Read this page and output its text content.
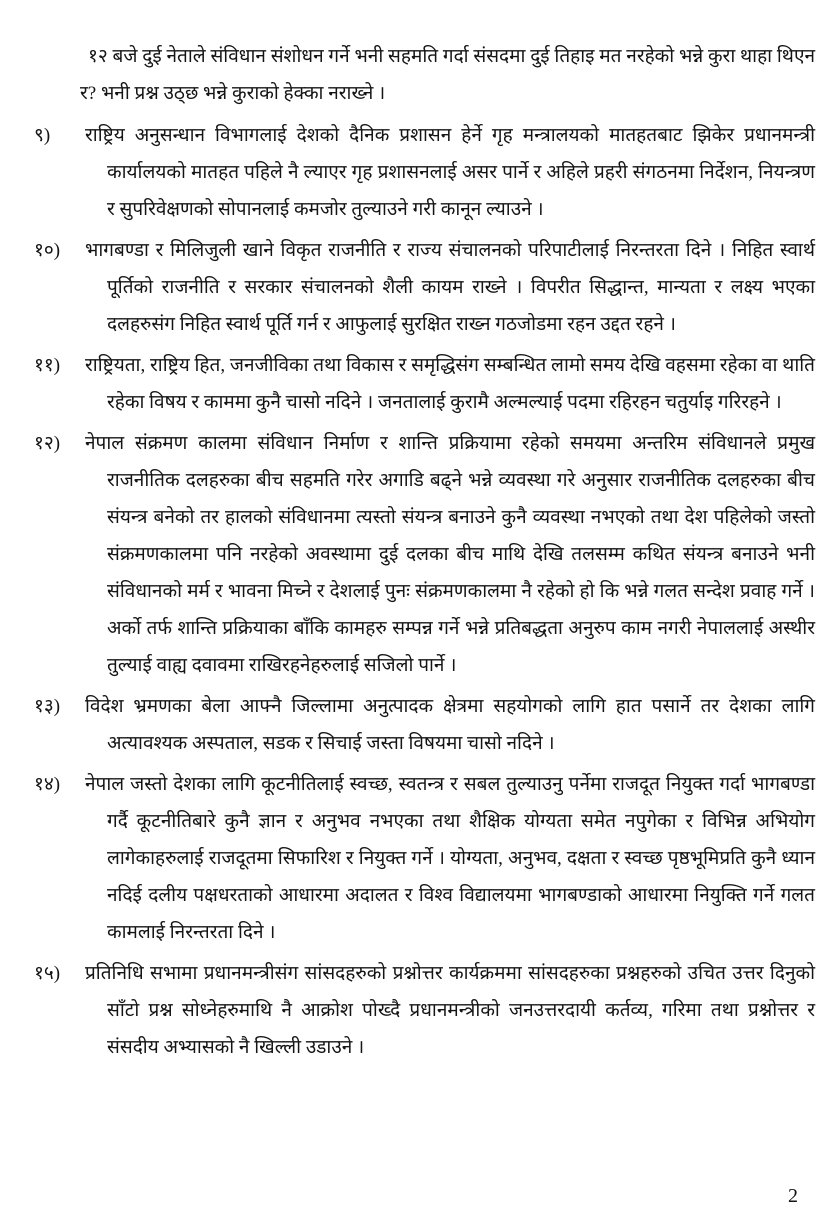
१२ बजे दुई नेताले संविधान संशोधन गर्ने भनी सहमति गर्दा संसदमा दुई तिहाइ मत नरहेको भन्ने कुरा थाहा थिएन र? भनी प्रश्न उठ्छ भन्ने कुराको हेक्का नराख्ने ।

९) राष्ट्रिय अनुसन्धान विभागलाई देशको दैनिक प्रशासन हेर्ने गृह मन्त्रालयको मातहतबाट झिकेर प्रधानमन्त्री कार्यालयको मातहत पहिले नै ल्याएर गृह प्रशासनलाई असर पार्ने र अहिले प्रहरी संगठनमा निर्देशन, नियन्त्रण र सुपरिवेक्षणको सोपानलाई कमजोर तुल्याउने गरी कानून ल्याउने ।

१०) भागबण्डा र मिलिजुली खाने विकृत राजनीति र राज्य संचालनको परिपाटीलाई निरन्तरता दिने । निहित स्वार्थ पूर्तिको राजनीति र सरकार संचालनको शैली कायम राख्ने । विपरीत सिद्धान्त, मान्यता र लक्ष्य भएका दलहरुसंग निहित स्वार्थ पूर्ति गर्न र आफुलाई सुरक्षित राख्न गठजोडमा रहन उद्दत रहने ।

११) राष्ट्रियता, राष्ट्रिय हित, जनजीविका तथा विकास र समृद्धिसंग सम्बन्धित लामो समय देखि वहसमा रहेका वा थाति रहेका विषय र काममा कुनै चासो नदिने । जनतालाई कुरामै अल्मल्याई पदमा रहिरहन चतुर्याइ गरिरहने ।

१२) नेपाल संक्रमण कालमा संविधान निर्माण र शान्ति प्रक्रियामा रहेको समयमा अन्तरिम संविधानले प्रमुख राजनीतिक दलहरुका बीच सहमति गरेर अगाडि बढ्ने भन्ने व्यवस्था गरे अनुसार राजनीतिक दलहरुका बीच संयन्त्र बनेको तर हालको संविधानमा त्यस्तो संयन्त्र बनाउने कुनै व्यवस्था नभएको तथा देश पहिलेको जस्तो संक्रमणकालमा पनि नरहेको अवस्थामा दुई दलका बीच माथि देखि तलसम्म कथित संयन्त्र बनाउने भनी संविधानको मर्म र भावना मिच्ने र देशलाई पुनः संक्रमणकालमा नै रहेको हो कि भन्ने गलत सन्देश प्रवाह गर्ने । अर्को तर्फ शान्ति प्रक्रियाका बाँकि कामहरु सम्पन्न गर्ने भन्ने प्रतिबद्धता अनुरुप काम नगरी नेपाललाई अस्थीर तुल्याई वाह्य दवावमा राखिरहनेहरुलाई सजिलो पार्ने ।

१३) विदेश भ्रमणका बेला आफ्नै जिल्लामा अनुत्पादक क्षेत्रमा सहयोगको लागि हात पसार्ने तर देशका लागि अत्यावश्यक अस्पताल, सडक र सिचाई जस्ता विषयमा चासो नदिने ।

१४) नेपाल जस्तो देशका लागि कूटनीतिलाई स्वच्छ, स्वतन्त्र र सबल तुल्याउनु पर्नेमा राजदूत नियुक्त गर्दा भागबण्डा गर्दै कूटनीतिबारे कुनै ज्ञान र अनुभव नभएका तथा शैक्षिक योग्यता समेत नपुगेका र विभिन्न अभियोग लागेकाहरुलाई राजदूतमा सिफारिश र नियुक्त गर्ने । योग्यता, अनुभव, दक्षता र स्वच्छ पृष्ठभूमिप्रति कुनै ध्यान नदिई दलीय पक्षधरताको आधारमा अदालत र विश्व विद्यालयमा भागबण्डाको आधारमा नियुक्ति गर्ने गलत कामलाई निरन्तरता दिने ।

१५) प्रतिनिधि सभामा प्रधानमन्त्रीसंग सांसदहरुको प्रश्नोत्तर कार्यक्रममा सांसदहरुका प्रश्नहरुको उचित उत्तर दिनुको साँटो प्रश्न सोध्नेहरुमाथि नै आक्रोश पोख्दै प्रधानमन्त्रीको जनउत्तरदायी कर्तव्य, गरिमा तथा प्रश्नोत्तर र संसदीय अभ्यासको नै खिल्ली उडाउने ।

2
